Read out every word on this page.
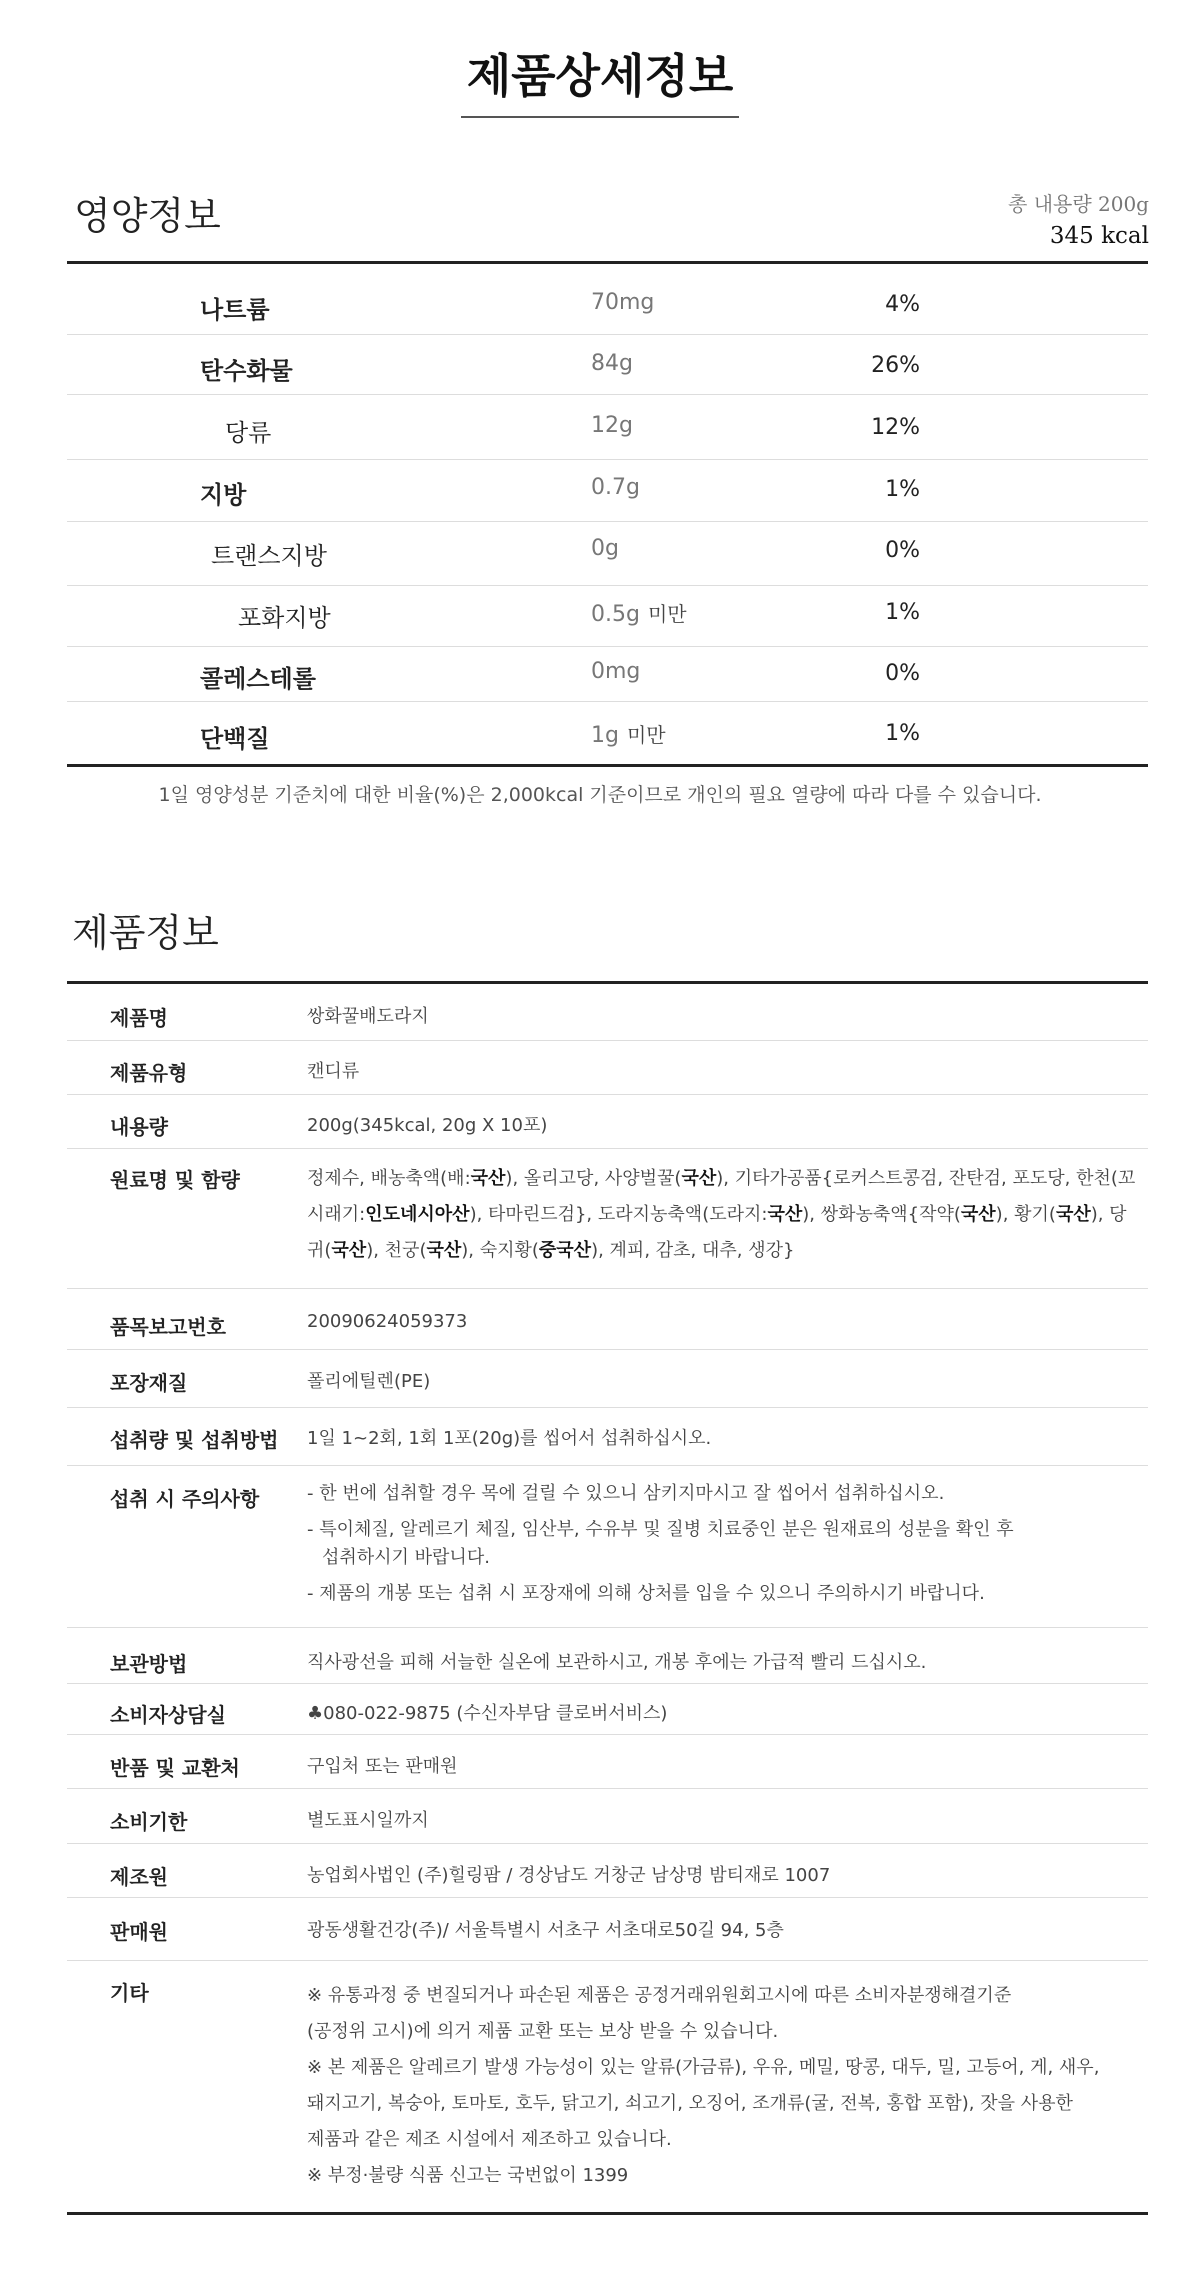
제품상세정보
영양정보	총 내용량 200g
345 kcal
나트륨	70mg	4%
탄수화물	84g	26%
당류	12g	12%
지방	0.7g	1%
트랜스지방	0g	0%
포화지방	0.5g 미만	1%
콜레스테롤	0mg	0%
단백질	1g 미만	1%
1일 영양성분 기준치에 대한 비율(%)은 2,000kcal 기준이므로 개인의 필요 열량에 따라 다를 수 있습니다.
제품정보
제품명	쌍화꿀배도라지
제품유형	캔디류
내용량	200g(345kcal, 20g X 10포)
원료명 및 함량	정제수, 배농축액(배:국산), 올리고당, 사양벌꿀(국산), 기타가공품{로커스트콩검, 잔탄검, 포도당, 한천(꼬시래기:인도네시아산), 타마린드검}, 도라지농축액(도라지:국산), 쌍화농축액{작약(국산), 황기(국산), 당귀(국산), 천궁(국산), 숙지황(중국산), 계피, 감초, 대추, 생강}
품목보고번호	20090624059373
포장재질	폴리에틸렌(PE)
섭취량 및 섭취방법 1일 1~2회, 1회 1포(20g)를 씹어서 섭취하십시오.
섭취 시 주의사항	- 한 번에 섭취할 경우 목에 걸릴 수 있으니 삼키지마시고 잘 씹어서 섭취하십시오.
- 특이체질, 알레르기 체질, 임산부, 수유부 및 질병 치료중인 분은 원재료의 성분을 확인 후
섭취하시기 바랍니다.
- 제품의 개봉 또는 섭취 시 포장재에 의해 상처를 입을 수 있으니 주의하시기 바랍니다.
보관방법	직사광선을 피해 서늘한 실온에 보관하시고, 개봉 후에는 가급적 빨리 드십시오.
소비자상담실	♣080-022-9875 (수신자부담 클로버서비스)
반품 및 교환처	구입처 또는 판매원
소비기한	별도표시일까지
제조원	농업회사법인 (주)힐링팜 / 경상남도 거창군 남상명 밤티재로 1007
판매원	광동생활건강(주)/ 서울특별시 서초구 서초대로50길 94, 5층
기타	※ 유통과정 중 변질되거나 파손된 제품은 공정거래위원회고시에 따른 소비자분쟁해결기준
(공정위 고시)에 의거 제품 교환 또는 보상 받을 수 있습니다.
※ 본 제품은 알레르기 발생 가능성이 있는 알류(가금류), 우유, 메밀, 땅콩, 대두, 밀, 고등어, 게, 새우,
돼지고기, 복숭아, 토마토, 호두, 닭고기, 쇠고기, 오징어, 조개류(굴, 전복, 홍합 포함), 잣을 사용한
제품과 같은 제조 시설에서 제조하고 있습니다.
※ 부정·불량 식품 신고는 국번없이 1399
